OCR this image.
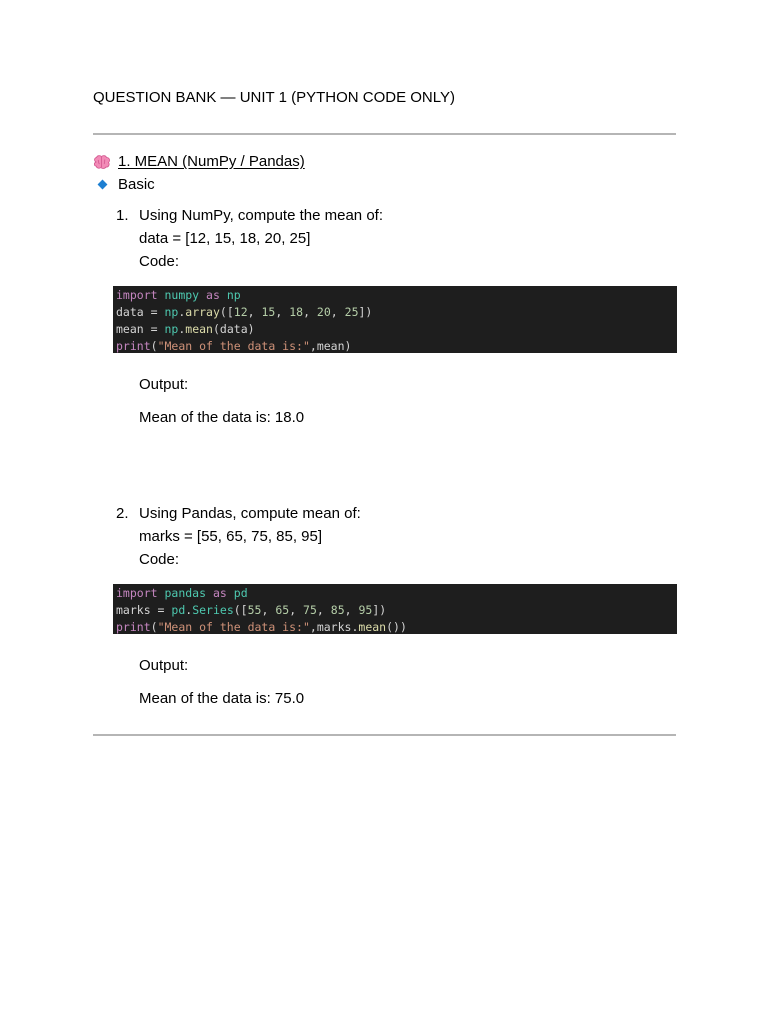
QUESTION BANK — UNIT 1 (PYTHON CODE ONLY)
1. MEAN (NumPy / Pandas)
Basic
1. Using NumPy, compute the mean of:
data = [12, 15, 18, 20, 25]
Code:
import numpy as np
data = np.array([12, 15, 18, 20, 25])
mean = np.mean(data)
print("Mean of the data is:",mean)
Output:
Mean of the data is: 18.0
2. Using Pandas, compute mean of:
marks = [55, 65, 75, 85, 95]
Code:
import pandas as pd
marks = pd.Series([55, 65, 75, 85, 95])
print("Mean of the data is:",marks.mean())
Output:
Mean of the data is: 75.0
